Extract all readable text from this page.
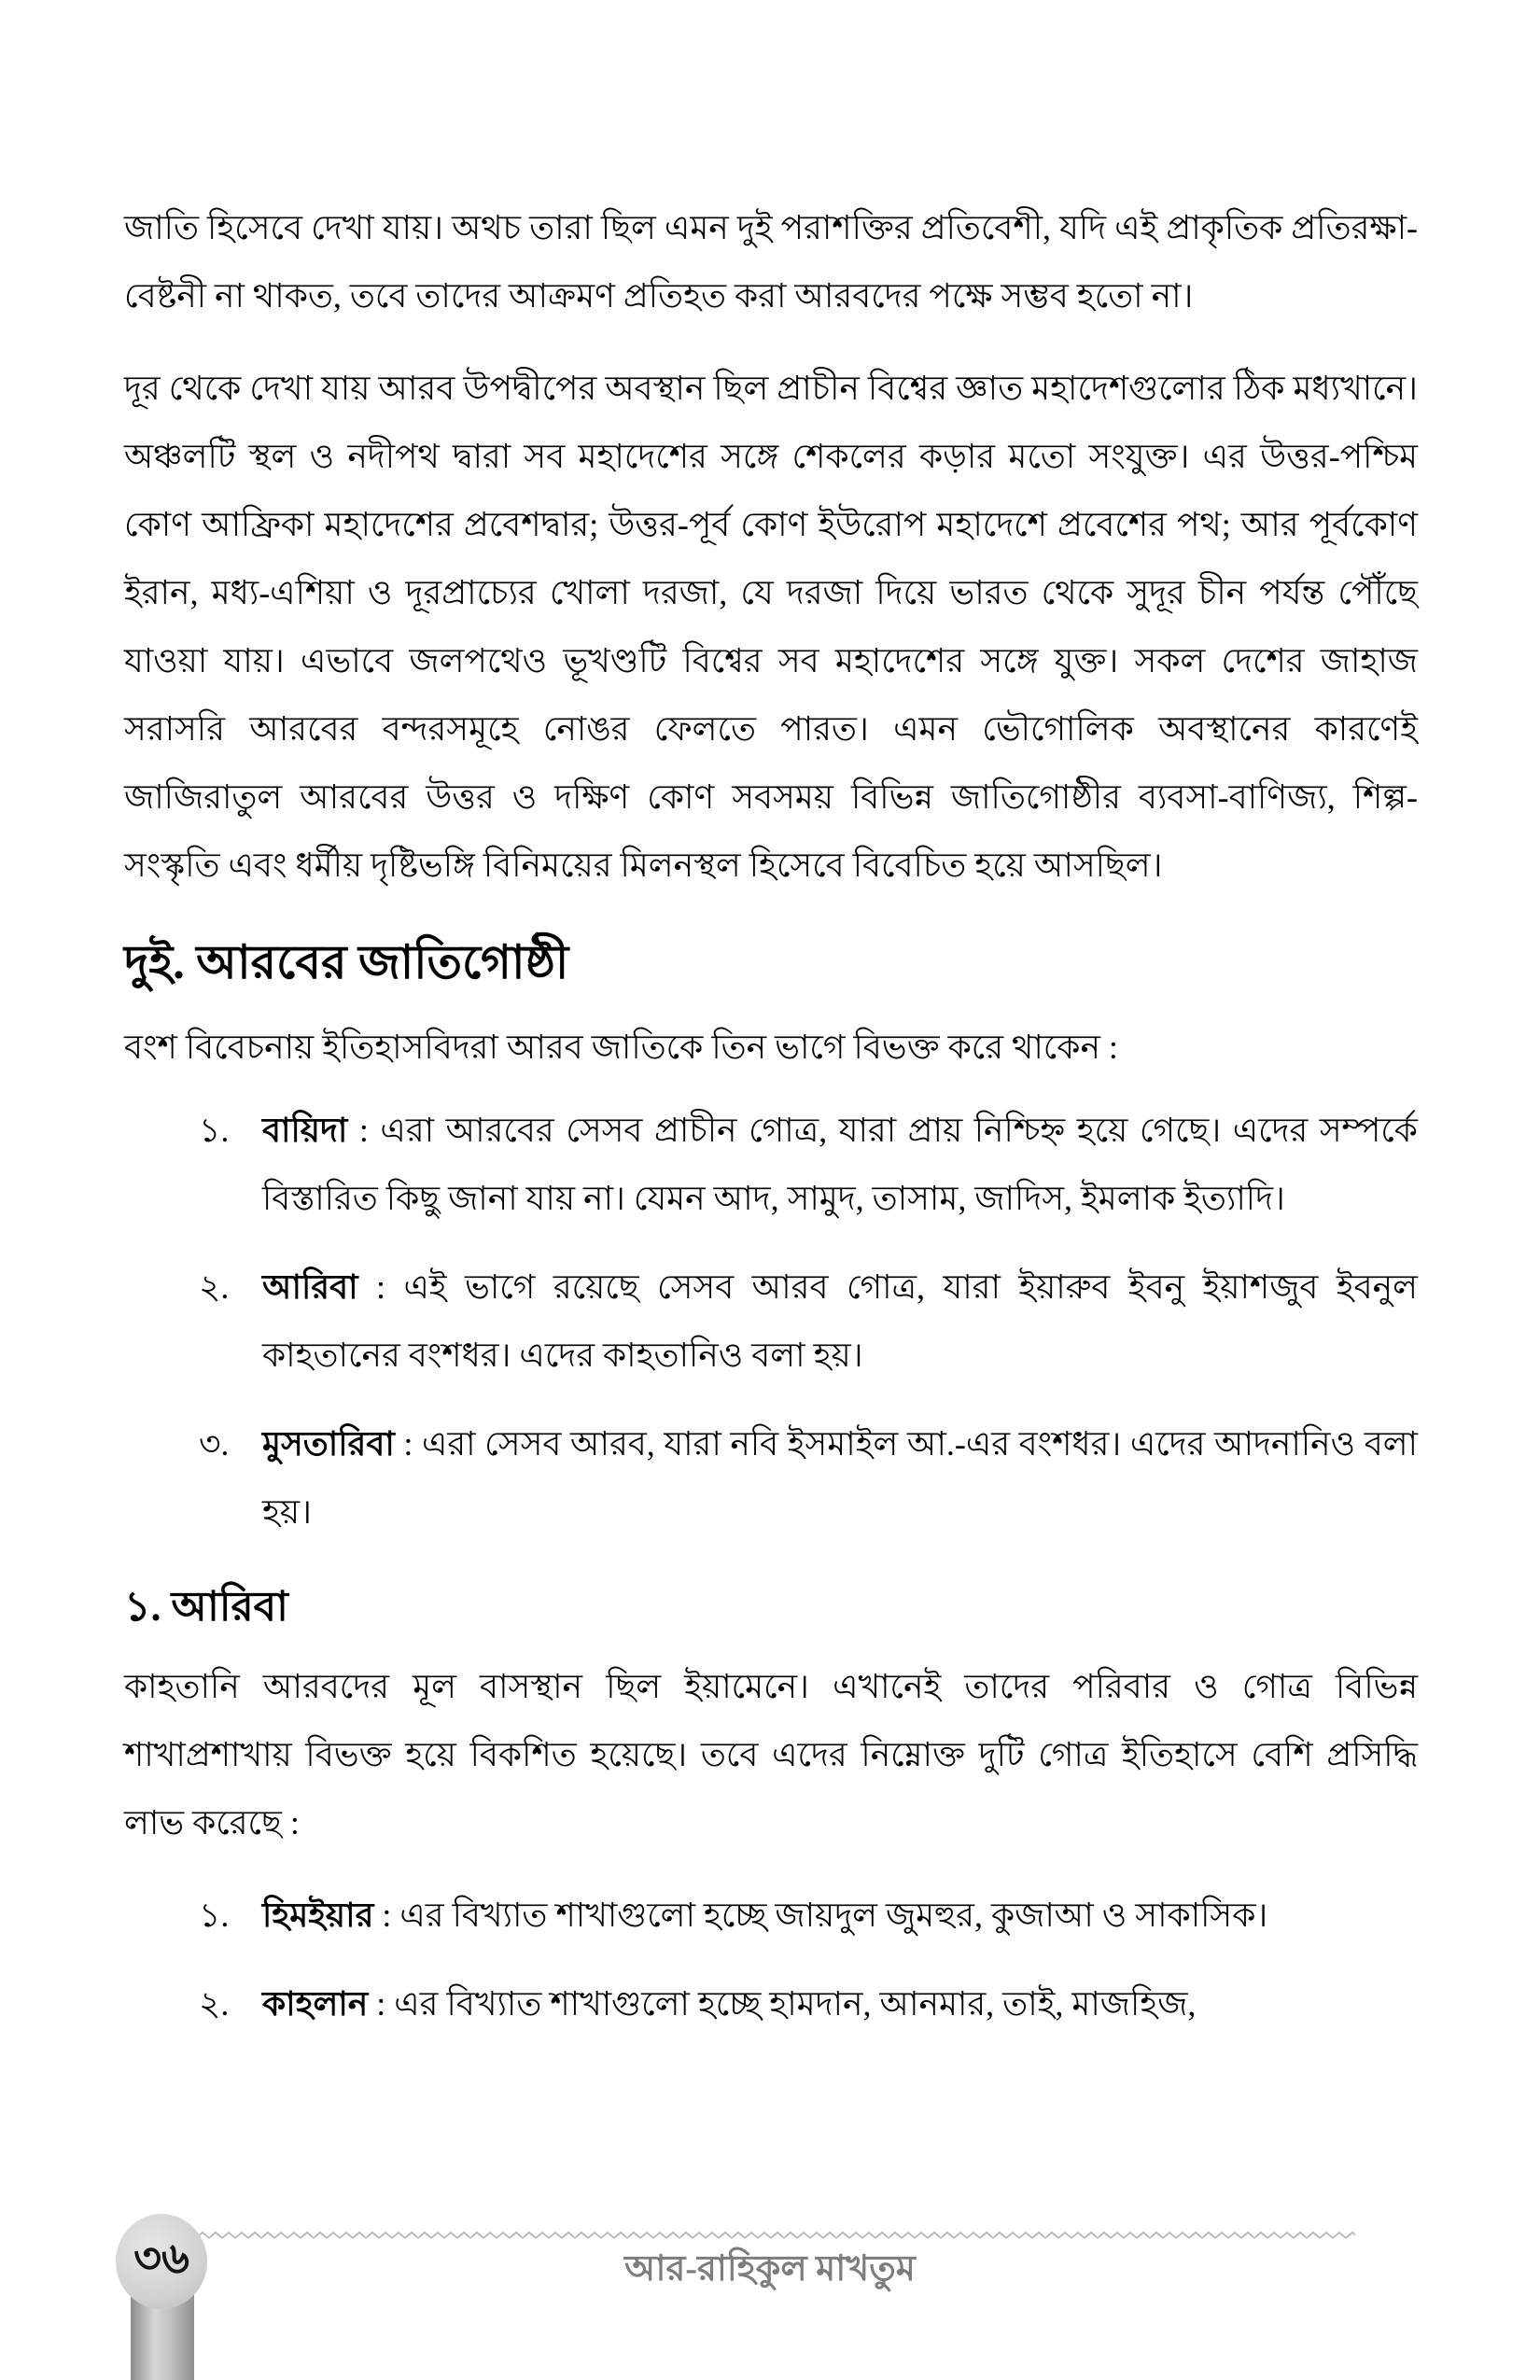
জাতি হিসেবে দেখা যায়। অথচ তারা ছিল এমন দুই পরাশক্তির প্রতিবেশী, যদি এই প্রাকৃতিক প্রতিরক্ষা-বেষ্টনী না থাকত, তবে তাদের আক্রমণ প্রতিহত করা আরবদের পক্ষে সম্ভব হতো না।

দূর থেকে দেখা যায় আরব উপদ্বীপের অবস্থান ছিল প্রাচীন বিশ্বের জ্ঞাত মহাদেশগুলোর ঠিক মধ্যখানে। অঞ্চলটি স্থল ও নদীপথ দ্বারা সব মহাদেশের সঙ্গে শেকলের কড়ার মতো সংযুক্ত। এর উত্তর-পশ্চিম কোণ আফ্রিকা মহাদেশের প্রবেশদ্বার; উত্তর-পূর্ব কোণ ইউরোপ মহাদেশে প্রবেশের পথ; আর পূর্বকোণ ইরান, মধ্য-এশিয়া ও দূরপ্রাচ্যের খোলা দরজা, যে দরজা দিয়ে ভারত থেকে সুদূর চীন পর্যন্ত পৌঁছে যাওয়া যায়। এভাবে জলপথেও ভূখণ্ডটি বিশ্বের সব মহাদেশের সঙ্গে যুক্ত। সকল দেশের জাহাজ সরাসরি আরবের বন্দরসমূহে নোঙর ফেলতে পারত। এমন ভৌগোলিক অবস্থানের কারণেই জাজিরাতুল আরবের উত্তর ও দক্ষিণ কোণ সবসময় বিভিন্ন জাতিগোষ্ঠীর ব্যবসা-বাণিজ্য, শিল্প-সংস্কৃতি এবং ধর্মীয় দৃষ্টিভঙ্গি বিনিময়ের মিলনস্থল হিসেবে বিবেচিত হয়ে আসছিল।

দুই. আরবের জাতিগোষ্ঠী

বংশ বিবেচনায় ইতিহাসবিদরা আরব জাতিকে তিন ভাগে বিভক্ত করে থাকেন :

১. বায়িদা : এরা আরবের সেসব প্রাচীন গোত্র, যারা প্রায় নিশ্চিহ্ন হয়ে গেছে। এদের সম্পর্কে বিস্তারিত কিছু জানা যায় না। যেমন আদ, সামুদ, তাসাম, জাদিস, ইমলাক ইত্যাদি।
২. আরিবা : এই ভাগে রয়েছে সেসব আরব গোত্র, যারা ইয়ারুব ইবনু ইয়াশজুব ইবনুল কাহতানের বংশধর। এদের কাহতানিও বলা হয়।
৩. মুসতারিবা : এরা সেসব আরব, যারা নবি ইসমাইল আ.-এর বংশধর। এদের আদনানিও বলা হয়।
১. আরিবা

কাহতানি আরবদের মূল বাসস্থান ছিল ইয়ামেনে। এখানেই তাদের পরিবার ও গোত্র বিভিন্ন শাখাপ্রশাখায় বিভক্ত হয়ে বিকশিত হয়েছে। তবে এদের নিম্নোক্ত দুটি গোত্র ইতিহাসে বেশি প্রসিদ্ধি লাভ করেছে :

১. হিমইয়ার : এর বিখ্যাত শাখাগুলো হচ্ছে জায়দুল জুমহুর, কুজাআ ও সাকাসিক।
২. কাহলান : এর বিখ্যাত শাখাগুলো হচ্ছে হামদান, আনমার, তাই, মাজহিজ,
আর-রাহিকুল মাখতুম
৩৬
